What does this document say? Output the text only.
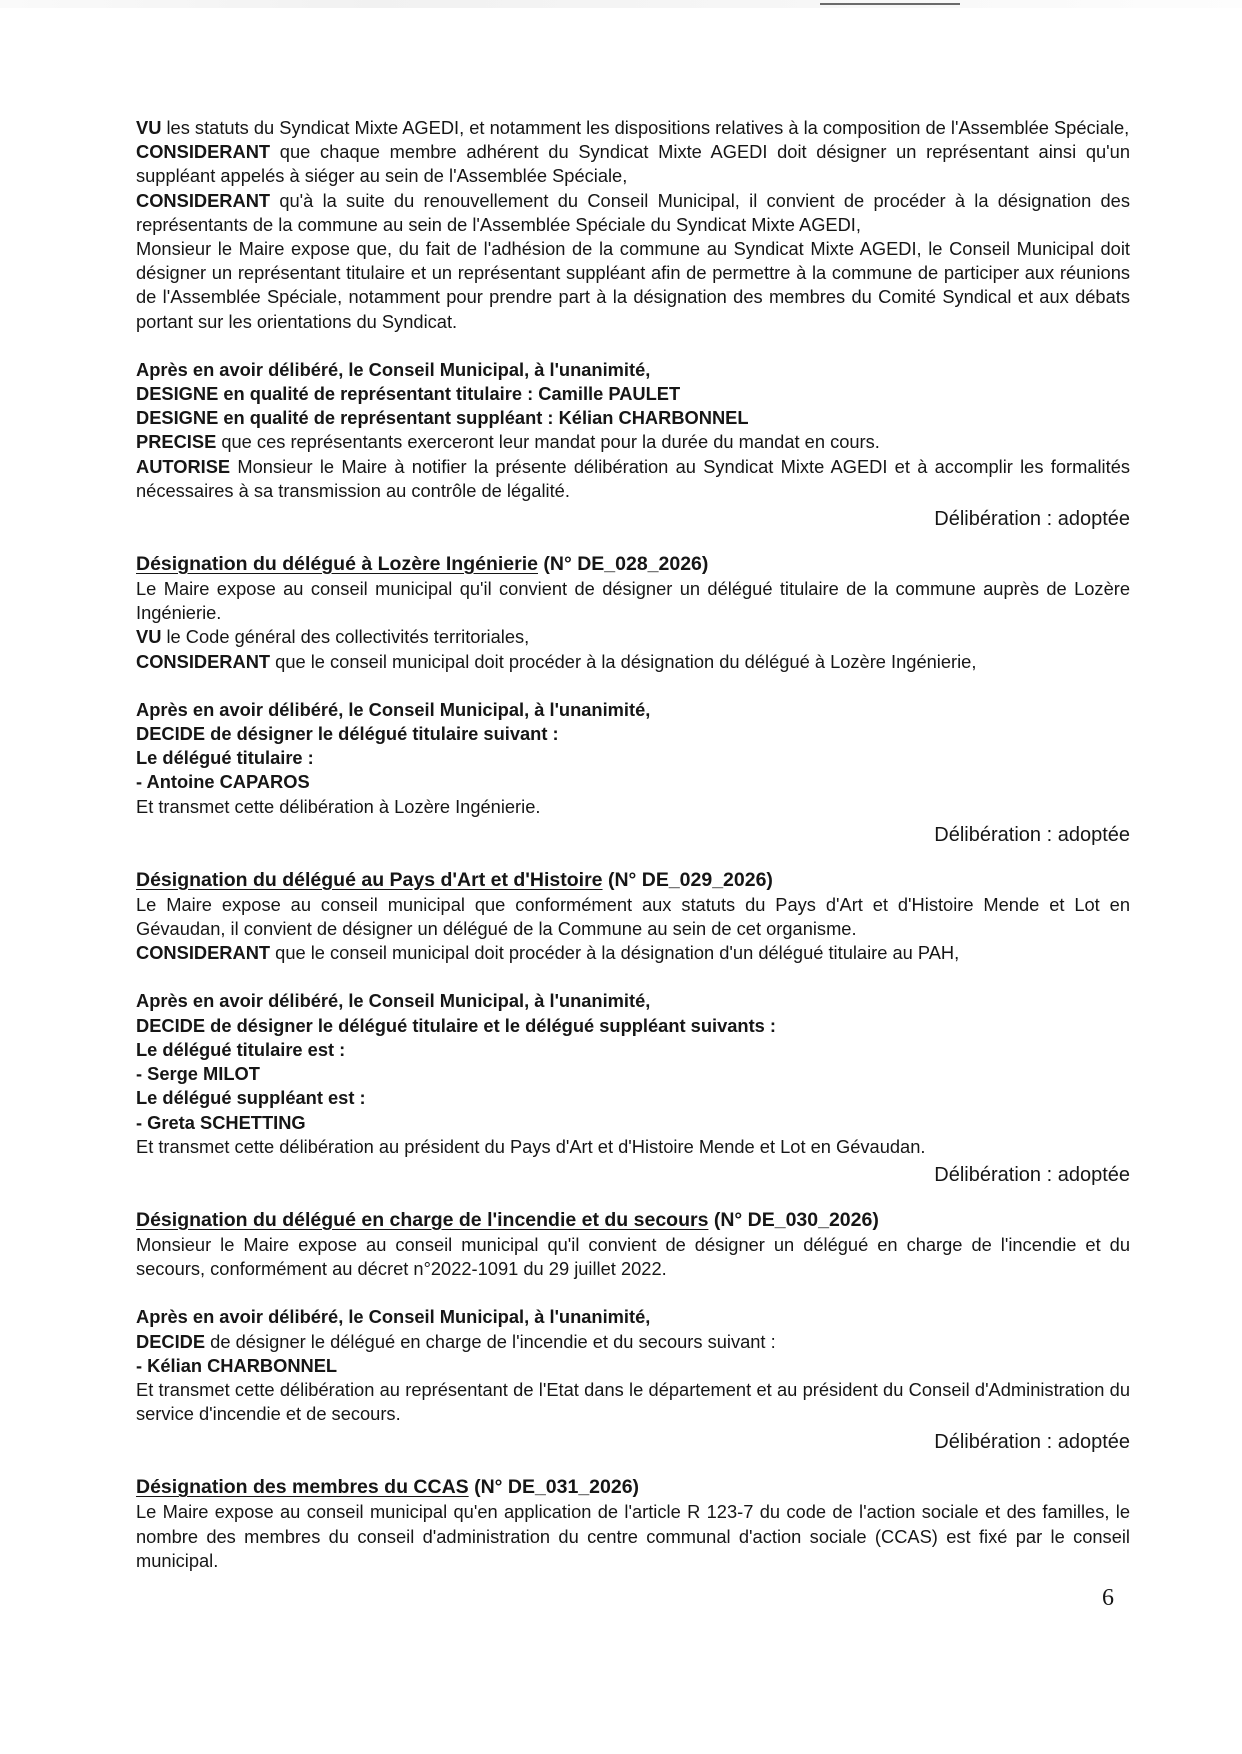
VU les statuts du Syndicat Mixte AGEDI, et notamment les dispositions relatives à la composition de l'Assemblée Spéciale,

CONSIDERANT que chaque membre adhérent du Syndicat Mixte AGEDI doit désigner un représentant ainsi qu'un suppléant appelés à siéger au sein de l'Assemblée Spéciale,

CONSIDERANT qu'à la suite du renouvellement du Conseil Municipal, il convient de procéder à la désignation des représentants de la commune au sein de l'Assemblée Spéciale du Syndicat Mixte AGEDI,

Monsieur le Maire expose que, du fait de l'adhésion de la commune au Syndicat Mixte AGEDI, le Conseil Municipal doit désigner un représentant titulaire et un représentant suppléant afin de permettre à la commune de participer aux réunions de l'Assemblée Spéciale, notamment pour prendre part à la désignation des membres du Comité Syndical et aux débats portant sur les orientations du Syndicat.

Après en avoir délibéré, le Conseil Municipal, à l'unanimité,

DESIGNE en qualité de représentant titulaire : Camille PAULET

DESIGNE en qualité de représentant suppléant : Kélian CHARBONNEL

PRECISE que ces représentants exerceront leur mandat pour la durée du mandat en cours.

AUTORISE Monsieur le Maire à notifier la présente délibération au Syndicat Mixte AGEDI et à accomplir les formalités nécessaires à sa transmission au contrôle de légalité.

Délibération : adoptée

Désignation du délégué à Lozère Ingénierie (N° DE_028_2026)

Le Maire expose au conseil municipal qu'il convient de désigner un délégué titulaire de la commune auprès de Lozère Ingénierie.

VU le Code général des collectivités territoriales,

CONSIDERANT que le conseil municipal doit procéder à la désignation du délégué à Lozère Ingénierie,

Après en avoir délibéré, le Conseil Municipal, à l'unanimité,

DECIDE de désigner le délégué titulaire suivant :

Le délégué titulaire :

- Antoine CAPAROS

Et transmet cette délibération à Lozère Ingénierie.

Délibération : adoptée

Désignation du délégué au Pays d'Art et d'Histoire (N° DE_029_2026)

Le Maire expose au conseil municipal que conformément aux statuts du Pays d'Art et d'Histoire Mende et Lot en Gévaudan, il convient de désigner un délégué de la Commune au sein de cet organisme.

CONSIDERANT que le conseil municipal doit procéder à la désignation d'un délégué titulaire au PAH,

Après en avoir délibéré, le Conseil Municipal, à l'unanimité,

DECIDE de désigner le délégué titulaire et le délégué suppléant suivants :

Le délégué titulaire est :

- Serge MILOT

Le délégué suppléant est :

- Greta SCHETTING

Et transmet cette délibération au président du Pays d'Art et d'Histoire Mende et Lot en Gévaudan.

Délibération : adoptée

Désignation du délégué en charge de l'incendie et du secours (N° DE_030_2026)

Monsieur le Maire expose au conseil municipal qu'il convient de désigner un délégué en charge de l'incendie et du secours, conformément au décret n°2022-1091 du 29 juillet 2022.

Après en avoir délibéré, le Conseil Municipal, à l'unanimité,

DECIDE de désigner le délégué en charge de l'incendie et du secours suivant :

- Kélian CHARBONNEL

Et transmet cette délibération au représentant de l'Etat dans le département et au président du Conseil d'Administration du service d'incendie et de secours.

Délibération : adoptée

Désignation des membres du CCAS (N° DE_031_2026)

Le Maire expose au conseil municipal qu'en application de l'article R 123-7 du code de l'action sociale et des familles, le nombre des membres du conseil d'administration du centre communal d'action sociale (CCAS) est fixé par le conseil municipal.

6
